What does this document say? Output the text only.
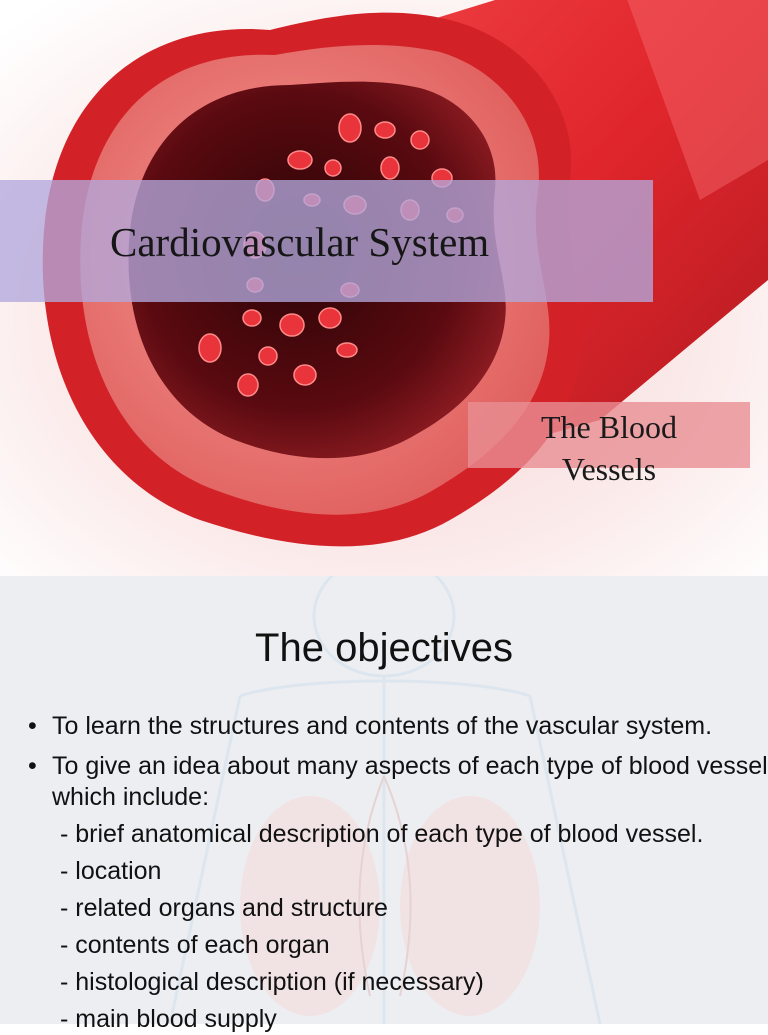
Cardiovascular System
The Blood
Vessels
The objectives
• To learn the structures and contents of the vascular system.
• To give an idea about many aspects of each type of blood vessel
which include:
- brief anatomical description of each type of blood vessel.
- location
- related organs and structure
- contents of each organ
- histological description (if necessary)
- main blood supply
